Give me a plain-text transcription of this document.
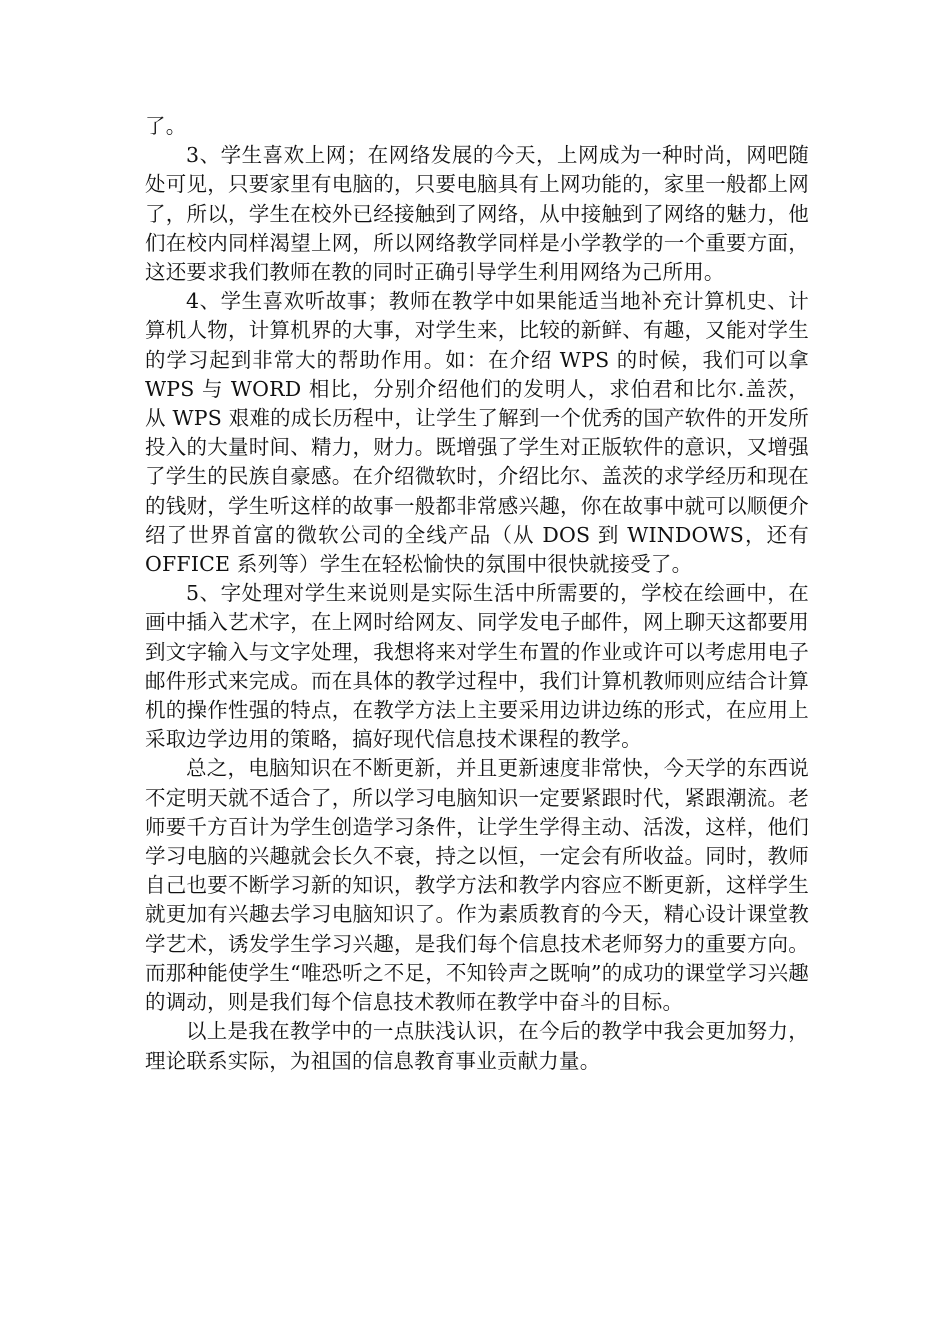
了。

3、学生喜欢上网；在网络发展的今天，上网成为一种时尚，网吧随处可见，只要家里有电脑的，只要电脑具有上网功能的，家里一般都上网了，所以，学生在校外已经接触到了网络，从中接触到了网络的魅力，他们在校内同样渴望上网，所以网络教学同样是小学教学的一个重要方面，这还要求我们教师在教的同时正确引导学生利用网络为己所用。

4、学生喜欢听故事；教师在教学中如果能适当地补充计算机史、计算机人物，计算机界的大事，对学生来，比较的新鲜、有趣，又能对学生的学习起到非常大的帮助作用。如：在介绍 WPS 的时候，我们可以拿 WPS 与 WORD 相比，分别介绍他们的发明人，求伯君和比尔.盖茨，从 WPS 艰难的成长历程中，让学生了解到一个优秀的国产软件的开发所投入的大量时间、精力，财力。既增强了学生对正版软件的意识，又增强了学生的民族自豪感。在介绍微软时，介绍比尔、盖茨的求学经历和现在的钱财，学生听这样的故事一般都非常感兴趣，你在故事中就可以顺便介绍了世界首富的微软公司的全线产品（从 DOS 到 WINDOWS，还有 OFFICE 系列等）学生在轻松愉快的氛围中很快就接受了。

5、字处理对学生来说则是实际生活中所需要的，学校在绘画中，在画中插入艺术字，在上网时给网友、同学发电子邮件，网上聊天这都要用到文字输入与文字处理，我想将来对学生布置的作业或许可以考虑用电子邮件形式来完成。而在具体的教学过程中，我们计算机教师则应结合计算机的操作性强的特点，在教学方法上主要采用边讲边练的形式，在应用上采取边学边用的策略，搞好现代信息技术课程的教学。

总之，电脑知识在不断更新，并且更新速度非常快，今天学的东西说不定明天就不适合了，所以学习电脑知识一定要紧跟时代，紧跟潮流。老师要千方百计为学生创造学习条件，让学生学得主动、活泼，这样，他们学习电脑的兴趣就会长久不衰，持之以恒，一定会有所收益。同时，教师自己也要不断学习新的知识，教学方法和教学内容应不断更新，这样学生就更加有兴趣去学习电脑知识了。作为素质教育的今天，精心设计课堂教学艺术，诱发学生学习兴趣，是我们每个信息技术老师努力的重要方向。而那种能使学生“唯恐听之不足，不知铃声之既响”的成功的课堂学习兴趣的调动，则是我们每个信息技术教师在教学中奋斗的目标。

以上是我在教学中的一点肤浅认识，在今后的教学中我会更加努力，理论联系实际，为祖国的信息教育事业贡献力量。
